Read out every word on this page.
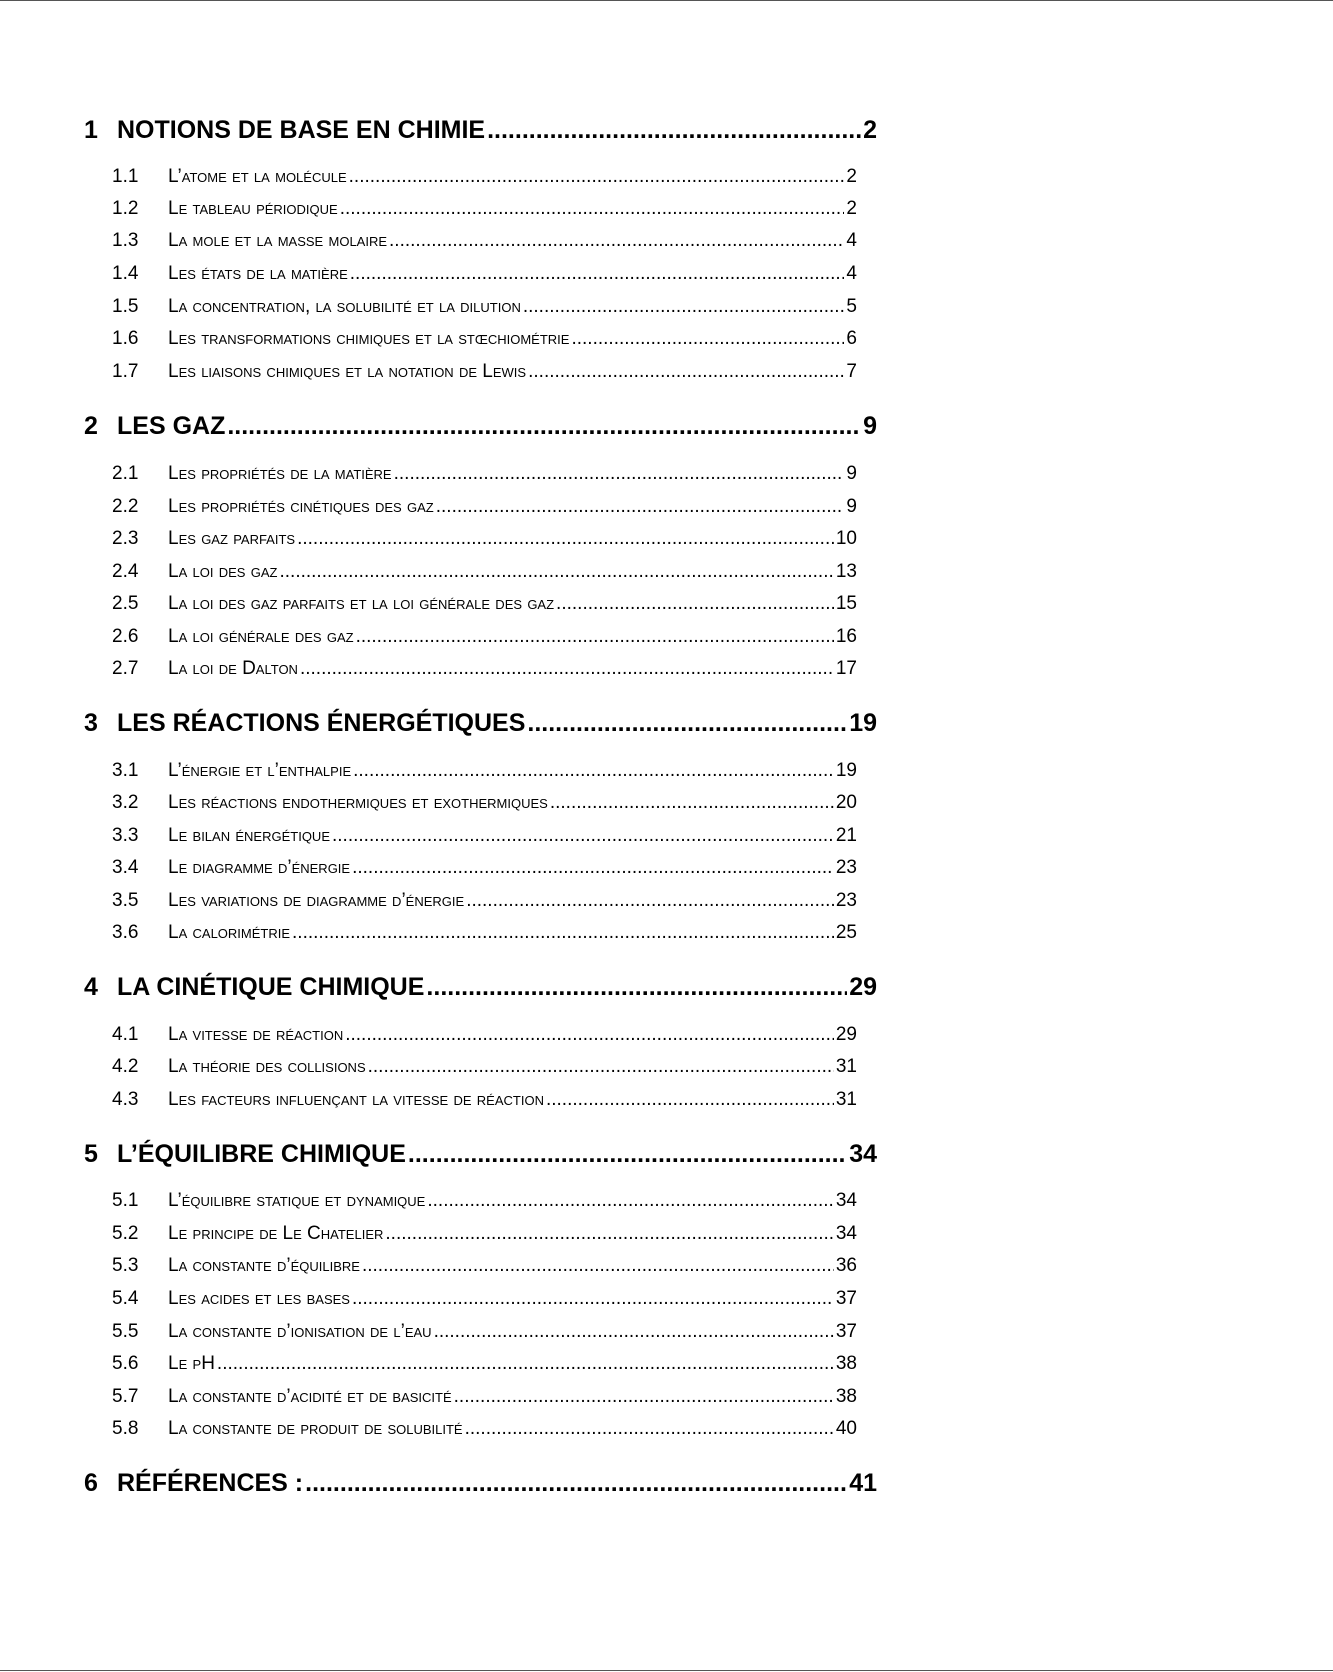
1 NOTIONS DE BASE EN CHIMIE .....	2
1.1	L’atome et la molécule .....	2
1.2	Le tableau périodique .....	2
1.3	La mole et la masse molaire .....	4
1.4	Les états de la matière .....	4
1.5	La concentration, la solubilité et la dilution .....	5
1.6	Les transformations chimiques et la stœchiométrie .....	6
1.7	Les liaisons chimiques et la notation de Lewis .....	7
2 LES GAZ .....	9
2.1	Les propriétés de la matière .....	9
2.2	Les propriétés cinétiques des gaz .....	9
2.3	Les gaz parfaits .....	10
2.4	La loi des gaz .....	13
2.5	La loi des gaz parfaits et la loi générale des gaz .....	15
2.6	La loi générale des gaz .....	16
2.7	La loi de Dalton .....	17
3 LES RÉACTIONS ÉNERGÉTIQUES .....	19
3.1	L’énergie et l’enthalpie .....	19
3.2	Les réactions endothermiques et exothermiques .....	20
3.3	Le bilan énergétique .....	21
3.4	Le diagramme d’énergie .....	23
3.5	Les variations de diagramme d’énergie .....	23
3.6	La calorimétrie .....	25
4 LA CINÉTIQUE CHIMIQUE .....	29
4.1	La vitesse de réaction .....	29
4.2	La théorie des collisions .....	31
4.3	Les facteurs influençant la vitesse de réaction .....	31
5 L’ÉQUILIBRE CHIMIQUE .....	34
5.1	L’équilibre statique et dynamique .....	34
5.2	Le principe de Le Chatelier .....	34
5.3	La constante d’équilibre .....	36
5.4	Les acides et les bases .....	37
5.5	La constante d’ionisation de l’eau .....	37
5.6	Le pH .....	38
5.7	La constante d’acidité et de basicité .....	38
5.8	La constante de produit de solubilité .....	40
6 RÉFÉRENCES : .....	41
